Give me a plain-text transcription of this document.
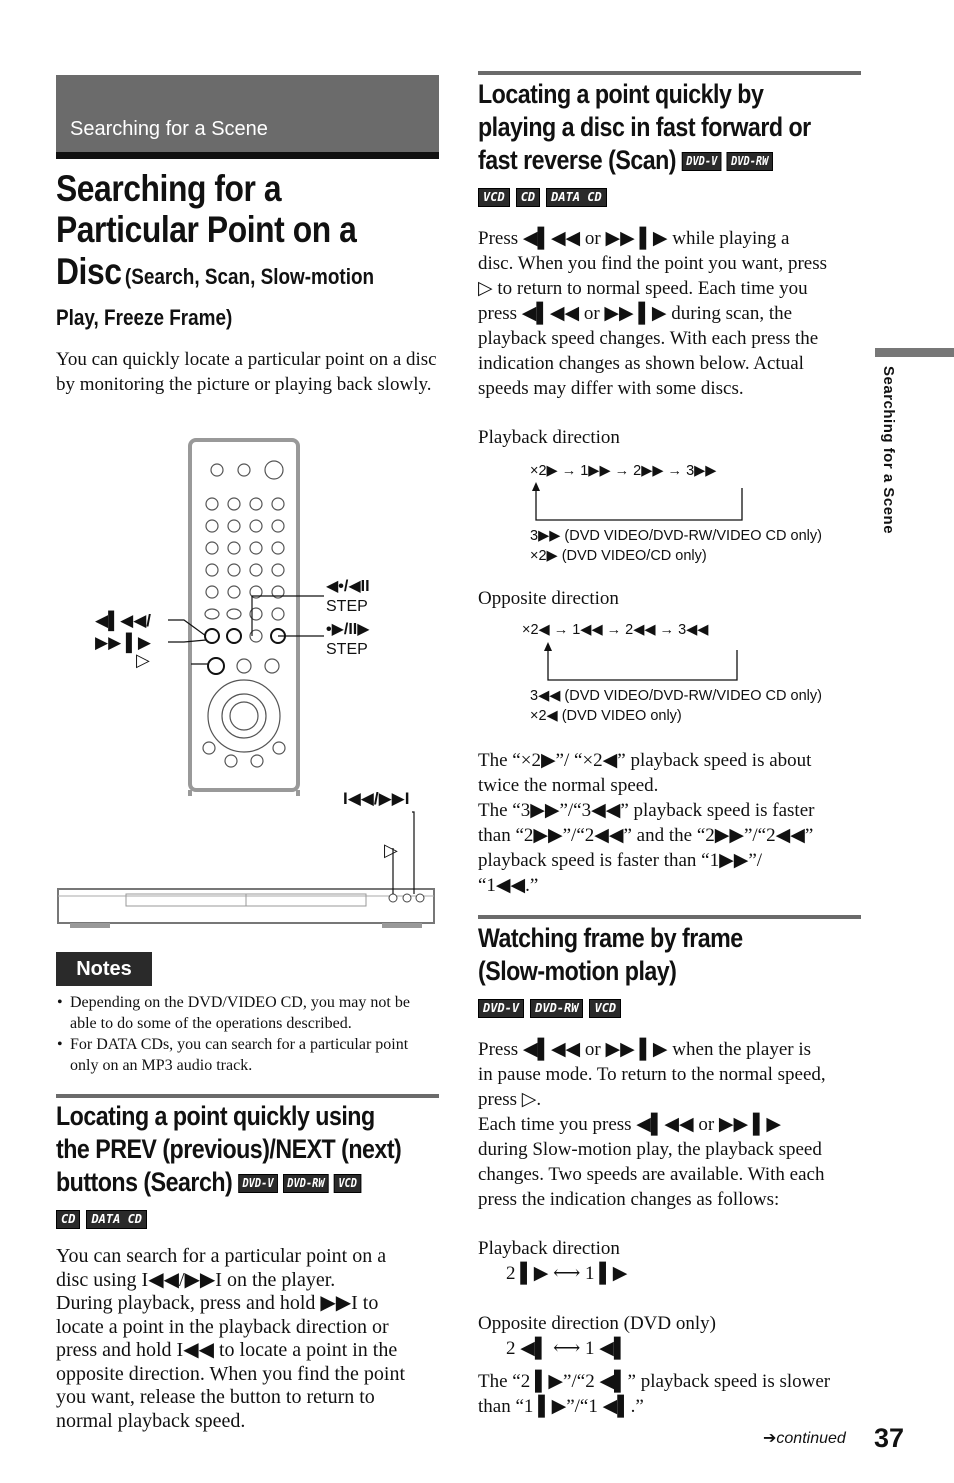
Searching for a Scene
Searching for a
Particular Point on a
Disc (Search, Scan, Slow-motion
Play, Freeze Frame)
You can quickly locate a particular point on a disc by monitoring the picture or playing back slowly.
◀▌◀◀/
▶▶ ▌▶
▷
◀•/◀II
STEP
•▶/II▶
STEP
I◀◀/▶▶I
▷
Notes
• Depending on the DVD/VIDEO CD, you may not be able to do some of the operations described.
• For DATA CDs, you can search for a particular point only on an MP3 audio track.
Locating a point quickly using
the PREV (previous)/NEXT (next)
buttons (Search) DVD-V DVD-RW VCD
CD DATA CD
You can search for a particular point on a
disc using I◀◀/▶▶I on the player.
During playback, press and hold ▶▶I to
locate a point in the playback direction or
press and hold I◀◀ to locate a point in the
opposite direction. When you find the point
you want, release the button to return to
normal playback speed.
Locating a point quickly by
playing a disc in fast forward or
fast reverse (Scan) DVD-V DVD-RW
VCD CD DATA CD
Press ◀▌◀◀ or ▶▶ ▌▶ while playing a
disc. When you find the point you want, press
▷ to return to normal speed. Each time you
press ◀▌◀◀ or ▶▶ ▌▶ during scan, the
playback speed changes. With each press the
indication changes as shown below. Actual
speeds may differ with some discs.
Playback direction
×2▶ → 1▶▶ → 2▶▶ → 3▶▶
3▶▶ (DVD VIDEO/DVD-RW/VIDEO CD only)
×2▶ (DVD VIDEO/CD only)
Opposite direction
×2◀ → 1◀◀ → 2◀◀ → 3◀◀
3◀◀ (DVD VIDEO/DVD-RW/VIDEO CD only)
×2◀ (DVD VIDEO only)
The “×2▶”/ “×2◀” playback speed is about
twice the normal speed.
The “3▶▶”/“3◀◀” playback speed is faster
than “2▶▶”/“2◀◀” and the “2▶▶”/“2◀◀”
playback speed is faster than “1▶▶”/
“1◀◀.”
Watching frame by frame
(Slow-motion play)
DVD-V DVD-RW VCD
Press ◀▌◀◀ or ▶▶ ▌▶ when the player is
in pause mode. To return to the normal speed,
press ▷.
Each time you press ◀▌◀◀ or ▶▶ ▌▶
during Slow-motion play, the playback speed
changes. Two speeds are available. With each
press the indication changes as follows:
Playback direction
2 ▌▶ ⟷ 1 ▌▶
Opposite direction (DVD only)
2 ◀▌ ⟷ 1 ◀▌
The “2 ▌▶”/“2 ◀▌” playback speed is slower
than “1 ▌▶”/“1 ◀▌.”
Searching for a Scene
➔continued 37
